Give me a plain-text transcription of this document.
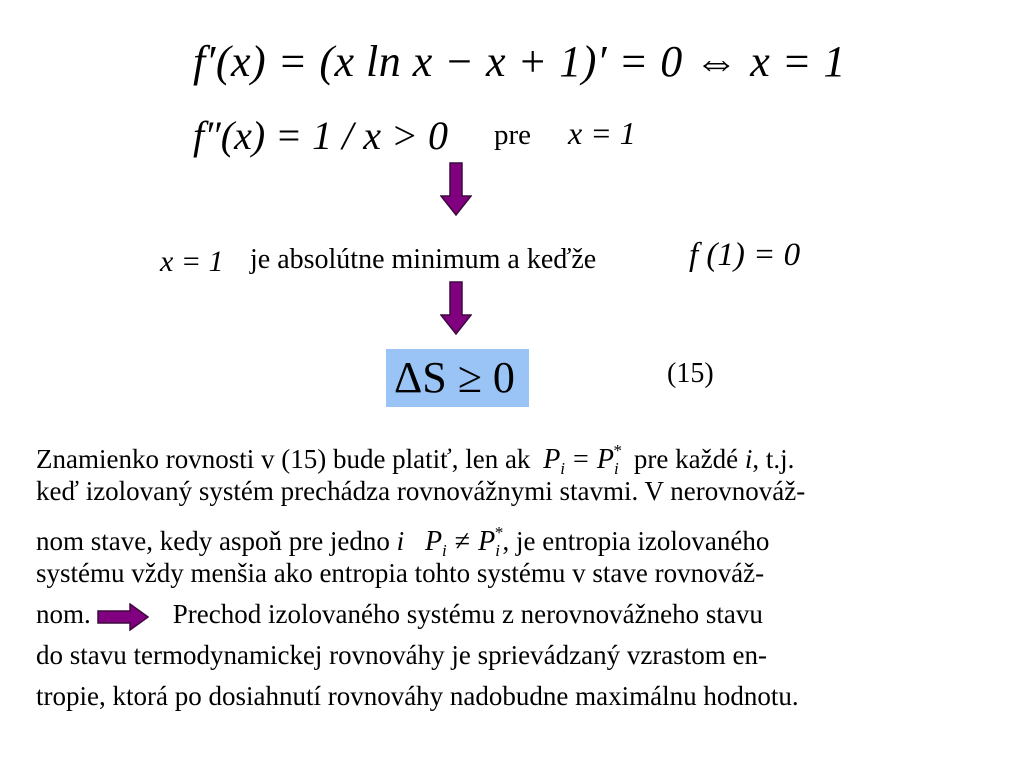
f′(x) = (x ln x − x + 1)′ = 0 ⇔ x = 1
f″(x) = 1 / x > 0 pre x = 1
x = 1 je absolútne minimum a keďže	f (1) = 0
ΔS ≥ 0	(15)
Znamienko rovnosti v (15) bude platiť, len ak $P_i = P_i^*$ pre každé i, t.j.
keď izolovaný systém prechádza rovnovážnymi stavmi. V nerovnováž-
nom stave, kedy aspoň pre jedno i $P_i \ne P_i^*$, je entropia izolovaného
systému vždy menšia ako entropia tohto systému v stave rovnováž-
nom.	Prechod izolovaného systému z nerovnovážneho stavu
do stavu termodynamickej rovnováhy je sprievádzaný vzrastom en-
tropie, ktorá po dosiahnutí rovnováhy nadobudne maximálnu hodnotu.
